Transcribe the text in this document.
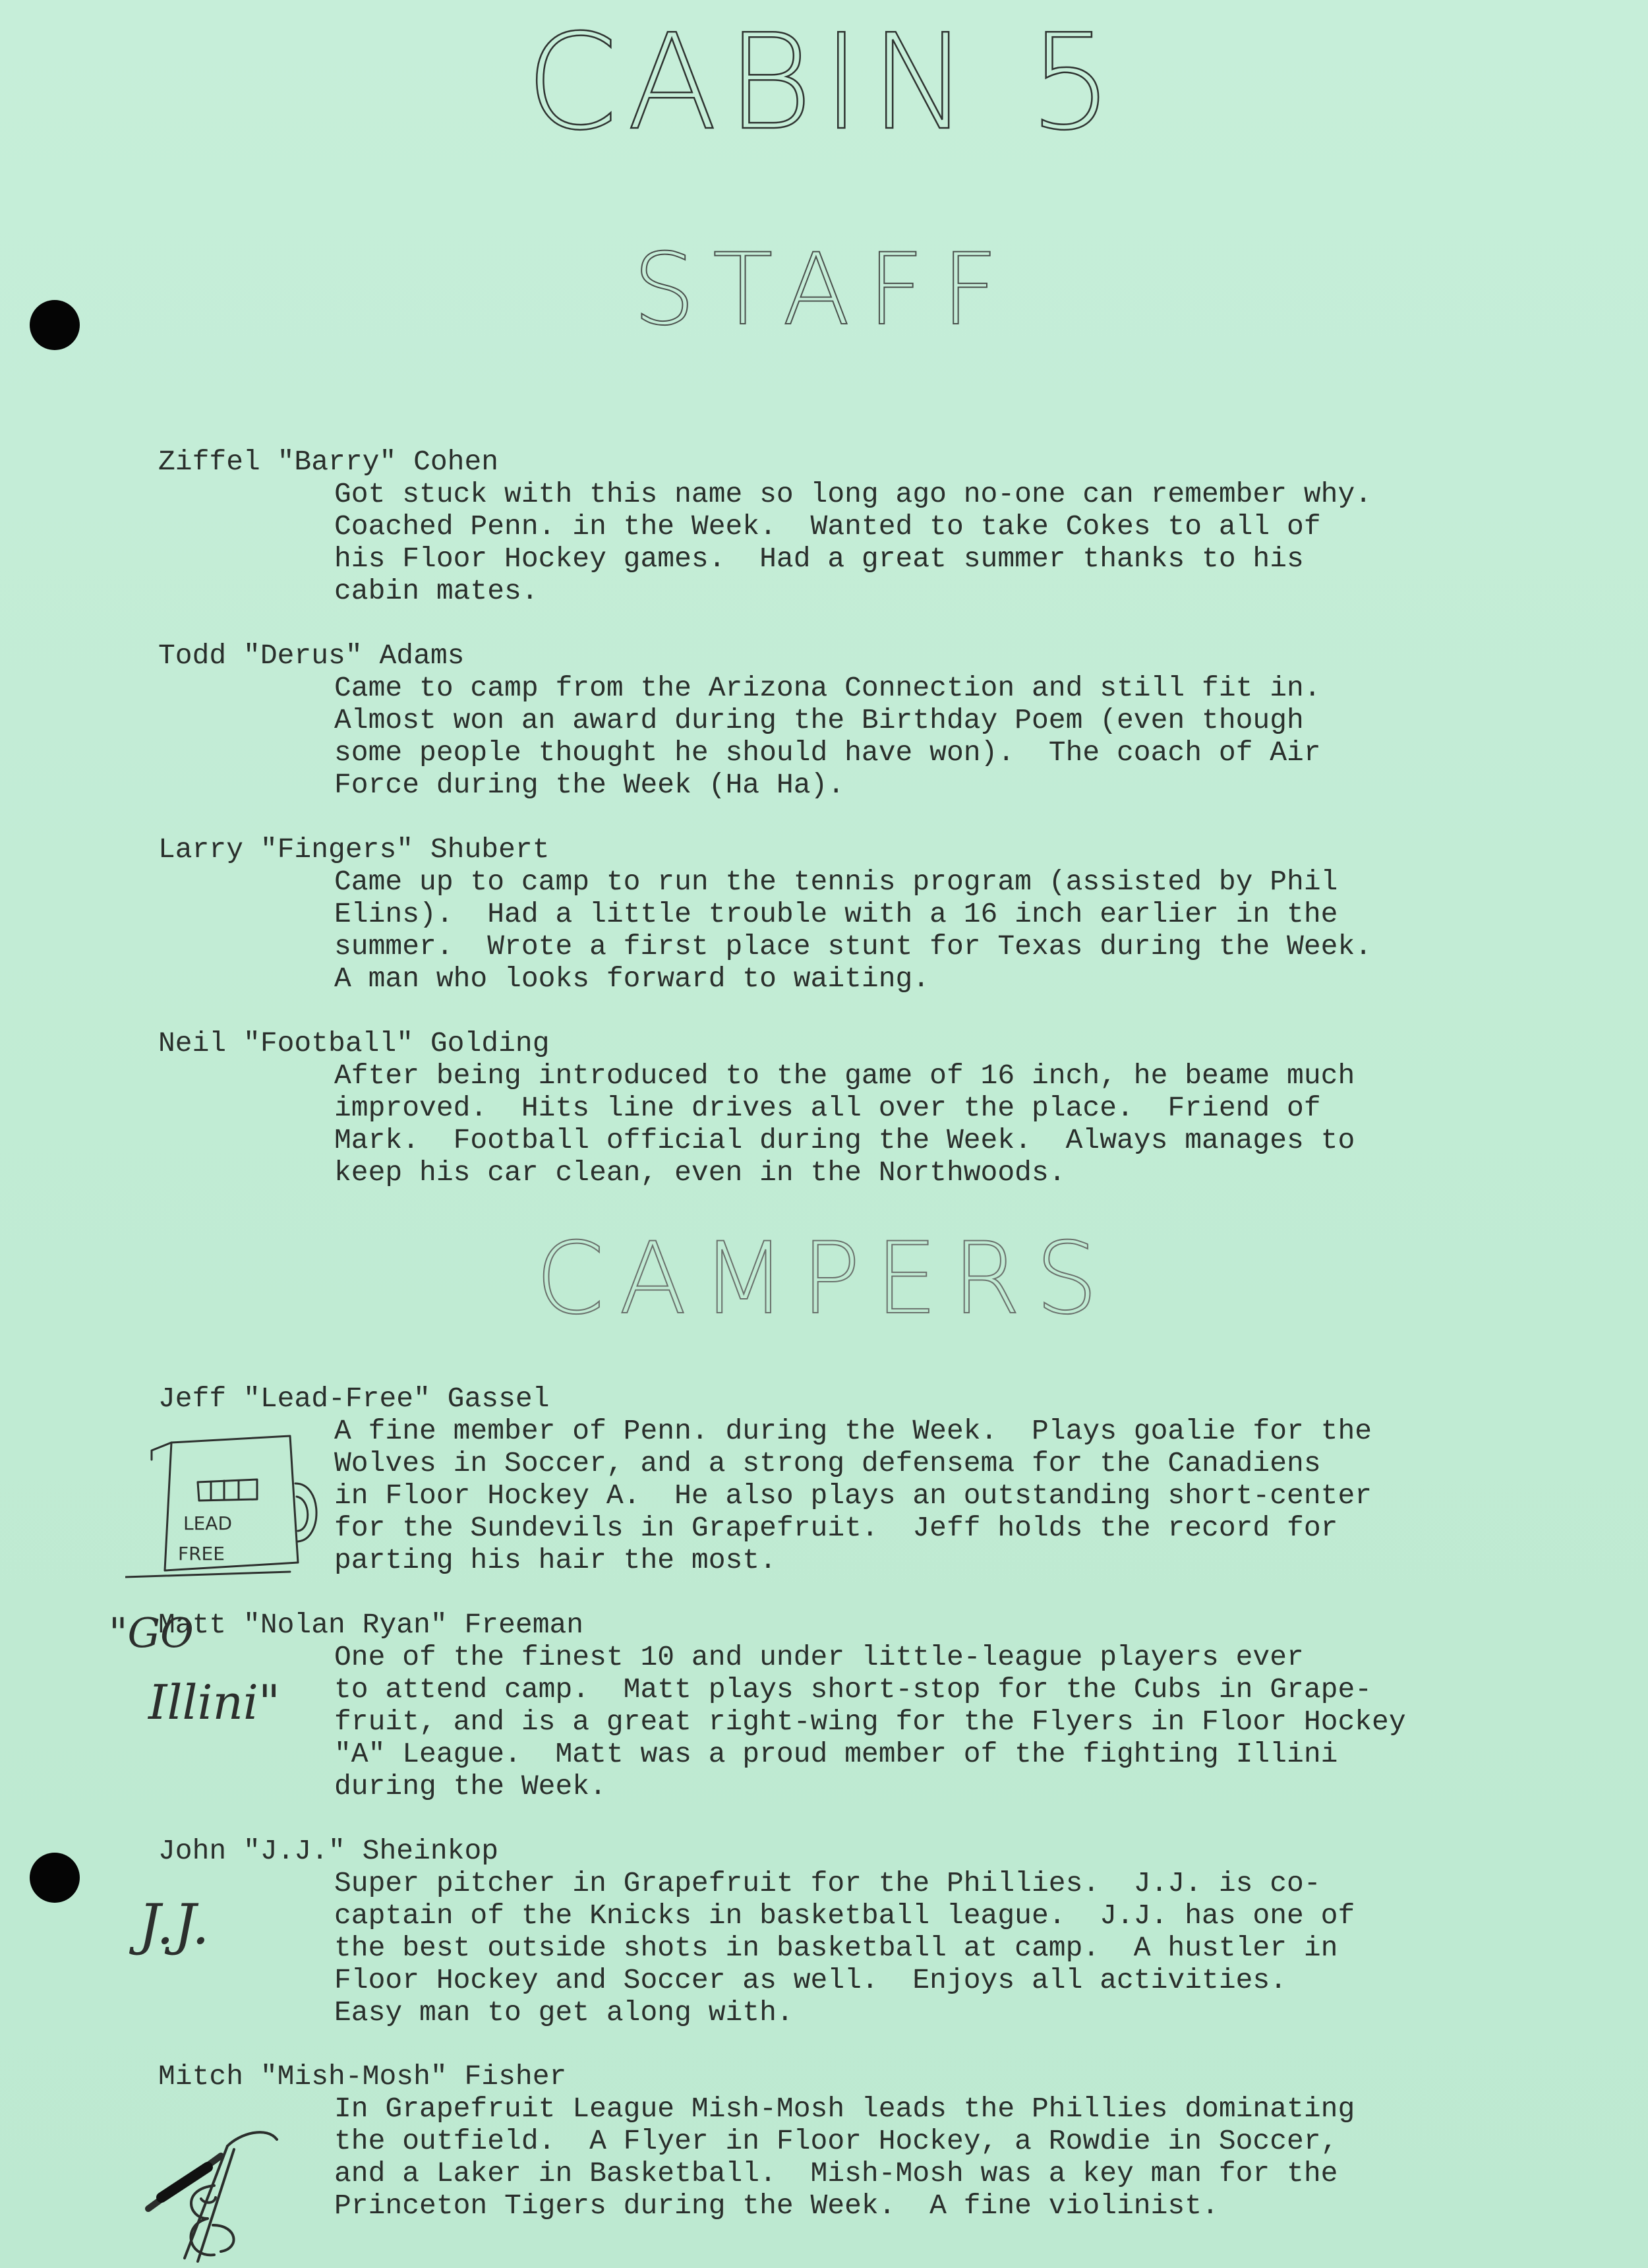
CABIN 5
STAFF

Ziffel "Barry" Cohen

Got stuck with this name so long ago no-one can remember why.

Coached Penn. in the Week.  Wanted to take Cokes to all of

his Floor Hockey games.  Had a great summer thanks to his

cabin mates.

Todd "Derus" Adams

Came to camp from the Arizona Connection and still fit in.

Almost won an award during the Birthday Poem (even though

some people thought he should have won).  The coach of Air

Force during the Week (Ha Ha).

Larry "Fingers" Shubert

Came up to camp to run the tennis program (assisted by Phil

Elins).  Had a little trouble with a 16 inch earlier in the

summer.  Wrote a first place stunt for Texas during the Week.

A man who looks forward to waiting.

Neil "Football" Golding

After being introduced to the game of 16 inch, he beame much

improved.  Hits line drives all over the place.  Friend of

Mark.  Football official during the Week.  Always manages to

keep his car clean, even in the Northwoods.

CAMPERS

Jeff "Lead-Free" Gassel

A fine member of Penn. during the Week.  Plays goalie for the

Wolves in Soccer, and a strong defensema for the Canadiens

in Floor Hockey A.  He also plays an outstanding short-center

for the Sundevils in Grapefruit.  Jeff holds the record for

parting his hair the most.

Matt "Nolan Ryan" Freeman

One of the finest 10 and under little-league players ever

to attend camp.  Matt plays short-stop for the Cubs in Grape-

fruit, and is a great right-wing for the Flyers in Floor Hockey

"A" League.  Matt was a proud member of the fighting Illini

during the Week.

John "J.J." Sheinkop

Super pitcher in Grapefruit for the Phillies.  J.J. is co-

captain of the Knicks in basketball league.  J.J. has one of

the best outside shots in basketball at camp.  A hustler in

Floor Hockey and Soccer as well.  Enjoys all activities.

Easy man to get along with.

Mitch "Mish-Mosh" Fisher

In Grapefruit League Mish-Mosh leads the Phillies dominating

the outfield.  A Flyer in Floor Hockey, a Rowdie in Soccer,

and a Laker in Basketball.  Mish-Mosh was a key man for the

Princeton Tigers during the Week.  A fine violinist.

LEAD
FREE
"GO
Illini"
J.J.
